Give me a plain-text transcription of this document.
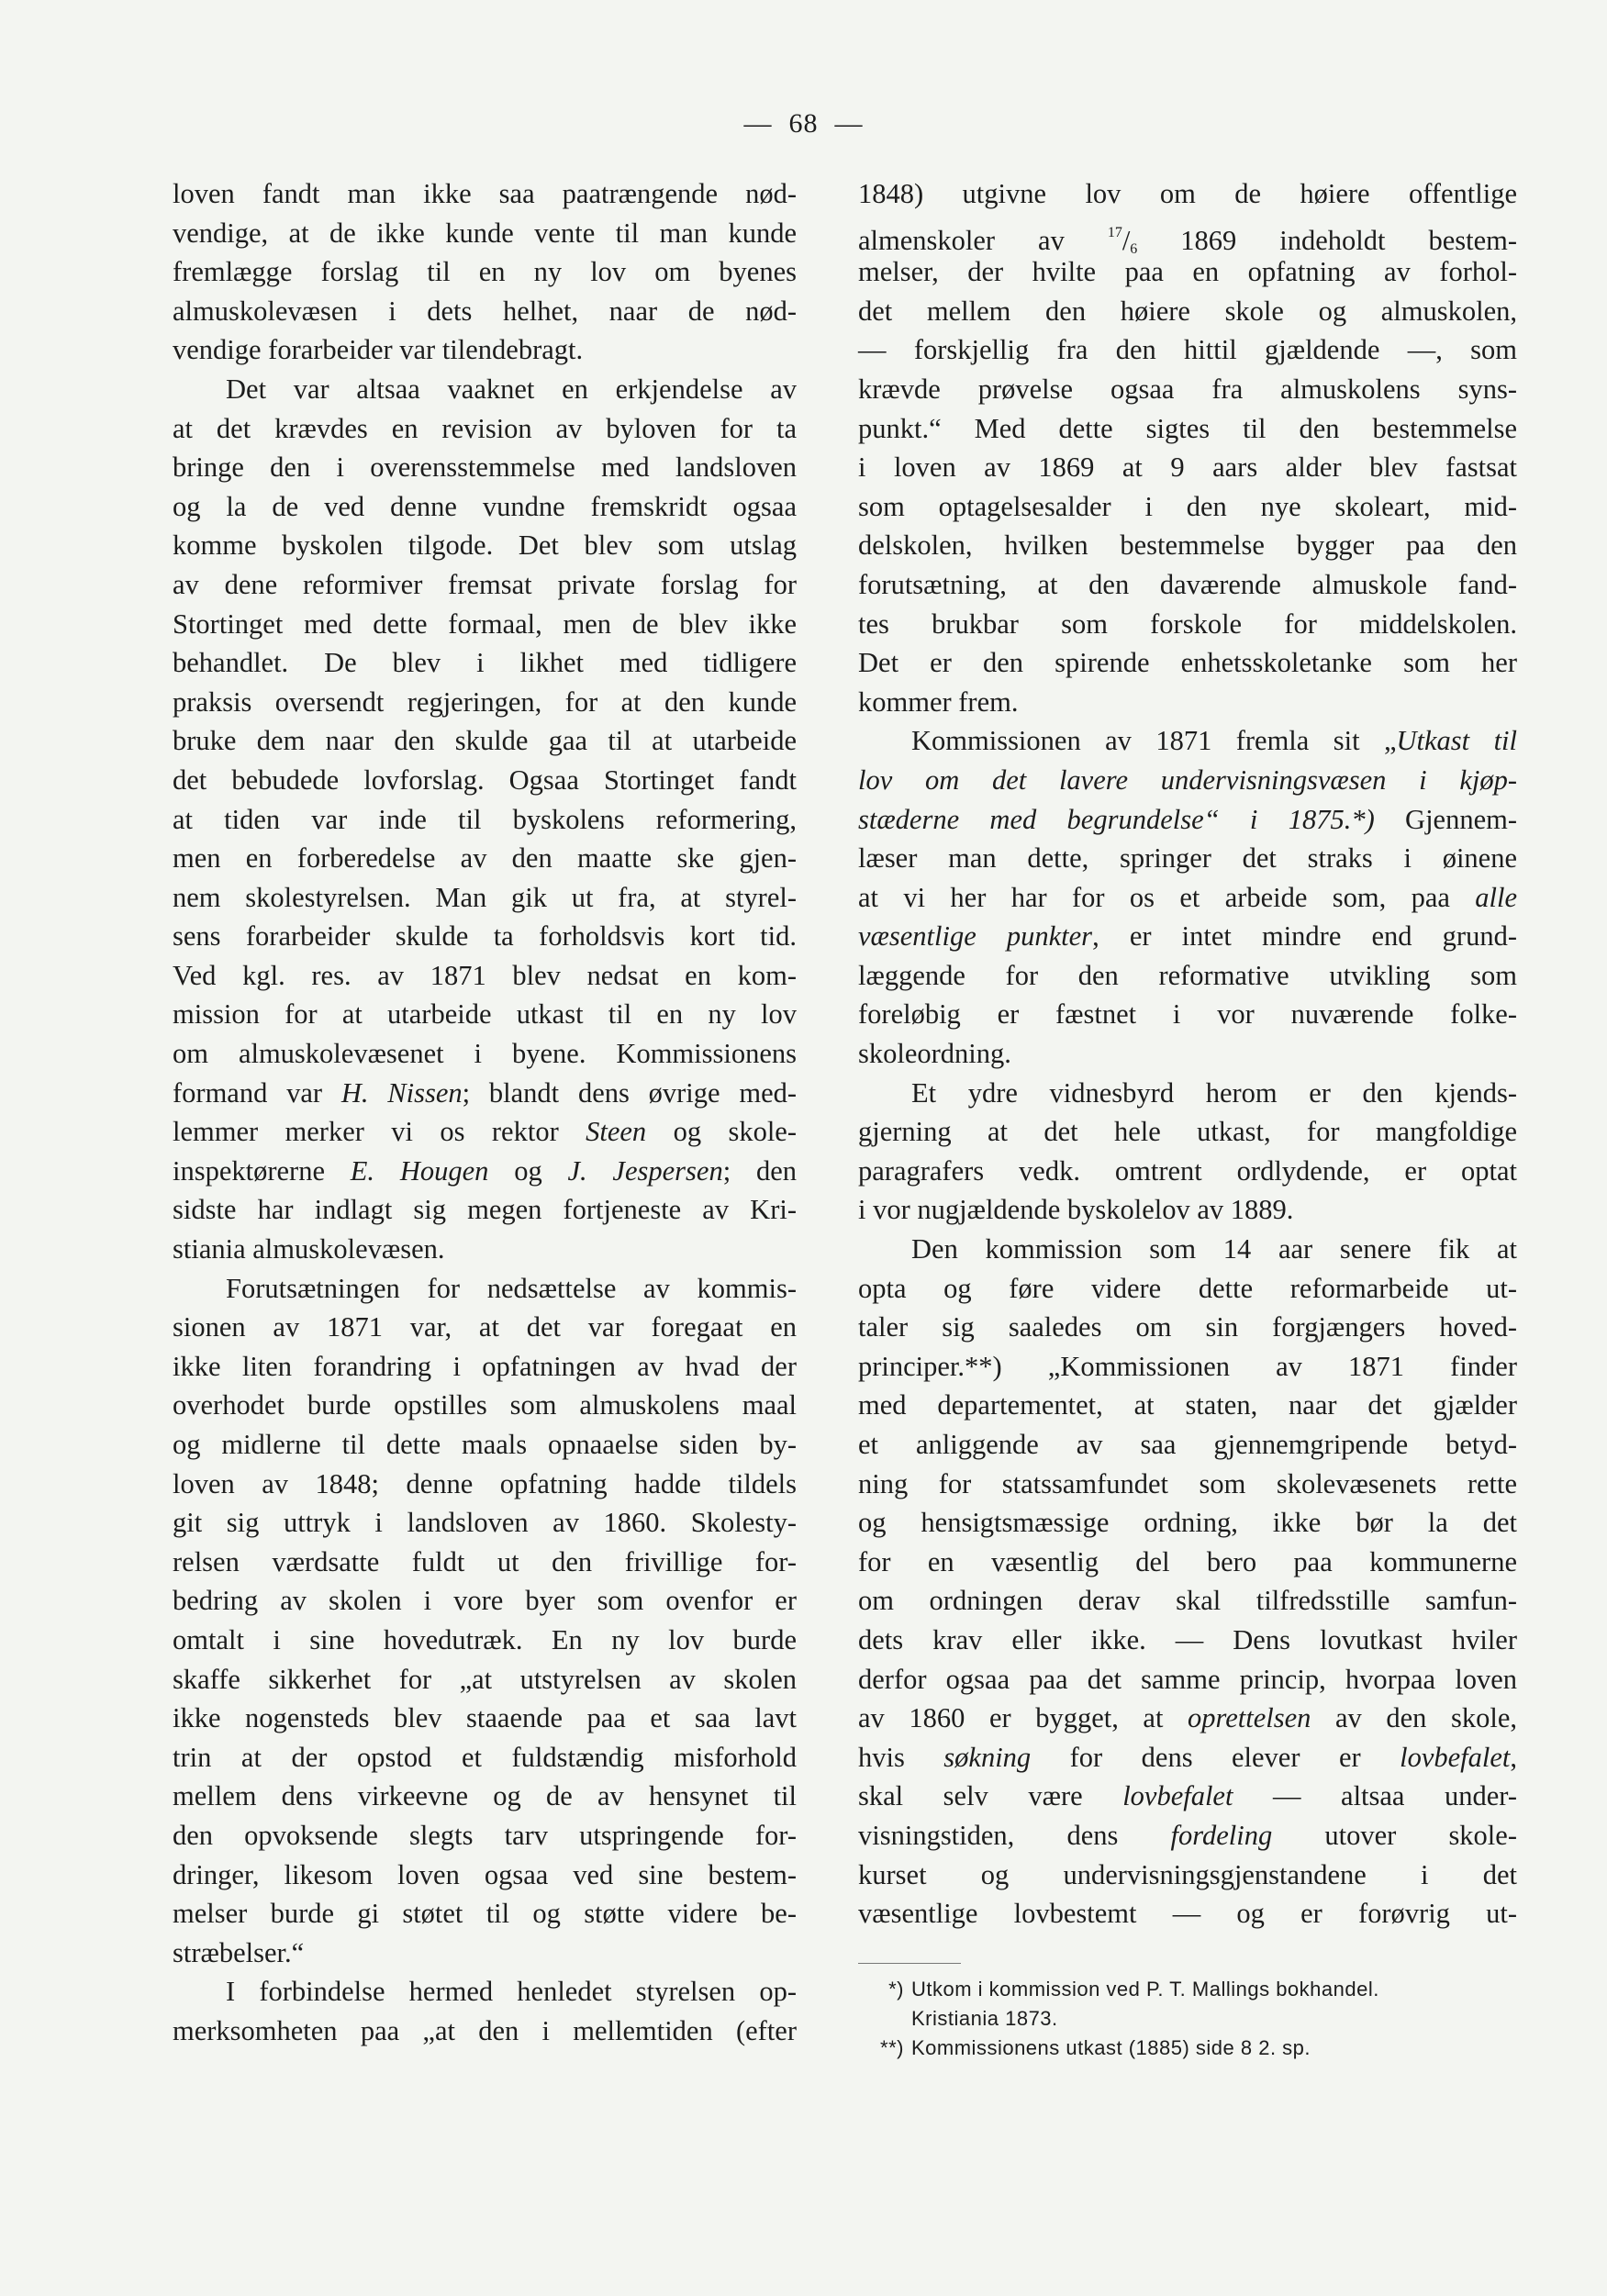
— 68 —
loven fandt man ikke saa paatrængende nød-
vendige, at de ikke kunde vente til man kunde
fremlægge forslag til en ny lov om byenes
almuskolevæsen i dets helhet, naar de nød-
vendige forarbeider var tilendebragt.
Det var altsaa vaaknet en erkjendelse av
at det krævdes en revision av byloven for ta
bringe den i overensstemmelse med landsloven
og la de ved denne vundne fremskridt ogsaa
komme byskolen tilgode. Det blev som utslag
av dene reformiver fremsat private forslag for
Stortinget med dette formaal, men de blev ikke
behandlet. De blev i likhet med tidligere
praksis oversendt regjeringen, for at den kunde
bruke dem naar den skulde gaa til at utarbeide
det bebudede lovforslag. Ogsaa Stortinget fandt
at tiden var inde til byskolens reformering,
men en forberedelse av den maatte ske gjen-
nem skolestyrelsen. Man gik ut fra, at styrel-
sens forarbeider skulde ta forholdsvis kort tid.
Ved kgl. res. av 1871 blev nedsat en kom-
mission for at utarbeide utkast til en ny lov
om almuskolevæsenet i byene. Kommissionens
formand var H. Nissen; blandt dens øvrige med-
lemmer merker vi os rektor Steen og skole-
inspektørerne E. Hougen og J. Jespersen; den
sidste har indlagt sig megen fortjeneste av Kri-
stiania almuskolevæsen.
Forutsætningen for nedsættelse av kommis-
sionen av 1871 var, at det var foregaat en
ikke liten forandring i opfatningen av hvad der
overhodet burde opstilles som almuskolens maal
og midlerne til dette maals opnaaelse siden by-
loven av 1848; denne opfatning hadde tildels
git sig uttryk i landsloven av 1860. Skolesty-
relsen værdsatte fuldt ut den frivillige for-
bedring av skolen i vore byer som ovenfor er
omtalt i sine hovedutræk. En ny lov burde
skaffe sikkerhet for „at utstyrelsen av skolen
ikke nogensteds blev staaende paa et saa lavt
trin at der opstod et fuldstændig misforhold
mellem dens virkeevne og de av hensynet til
den opvoksende slegts tarv utspringende for-
dringer, likesom loven ogsaa ved sine bestem-
melser burde gi støtet til og støtte videre be-
stræbelser.“
I forbindelse hermed henledet styrelsen op-
merksomheten paa „at den i mellemtiden (efter
1848) utgivne lov om de høiere offentlige
almenskoler av	$^{17}/_6$ 1869 indeholdt bestem-
melser, der hvilte paa en opfatning av forhol-
det mellem den høiere skole og almuskolen,
— forskjellig fra den hittil gjældende —, som
krævde prøvelse ogsaa fra almuskolens syns-
punkt.“ Med dette sigtes til den bestemmelse
i loven av 1869 at 9 aars alder blev fastsat
som optagelsesalder i den nye skoleart, mid-
delskolen, hvilken bestemmelse bygger paa den
forutsætning, at den daværende almuskole fand-
tes brukbar som forskole for middelskolen.
Det er den spirende enhetsskoletanke som her
kommer frem.
Kommissionen av 1871 fremla sit „Utkast til
lov om det lavere undervisningsvæsen i kjøp-
stæderne med begrundelse“ i 1875.*) Gjennem-
læser man dette, springer det straks i øinene
at vi her har for os et arbeide som, paa alle
væsentlige punkter, er intet mindre end grund-
læggende for den reformative utvikling som
foreløbig er fæstnet i vor nuværende folke-
skoleordning.
Et ydre vidnesbyrd herom er den kjends-
gjerning at det hele utkast, for mangfoldige
paragrafers vedk. omtrent ordlydende, er optat
i vor nugjældende byskolelov av 1889.
Den kommission som 14 aar senere fik at
opta og føre videre dette reformarbeide ut-
taler sig saaledes om sin forgjængers hoved-
principer.**) „Kommissionen av 1871 finder
med departementet, at staten, naar det gjælder
et anliggende av saa gjennemgripende betyd-
ning for statssamfundet som skolevæsenets rette
og hensigtsmæssige ordning, ikke bør la det
for en væsentlig del bero paa kommunerne
om ordningen derav skal tilfredsstille samfun-
dets krav eller ikke. — Dens lovutkast hviler
derfor ogsaa paa det samme princip, hvorpaa loven
av 1860 er bygget, at oprettelsen av den skole,
hvis søkning for dens elever er lovbefalet,
skal selv være lovbefalet — altsaa under-
visningstiden, dens fordeling utover skole-
kurset og undervisningsgjenstandene i det
væsentlige lovbestemt — og er forøvrig ut-
*) Utkom i kommission ved P. T. Mallings bokhandel.
Kristiania 1873.
**) Kommissionens utkast (1885) side 8 2. sp.
